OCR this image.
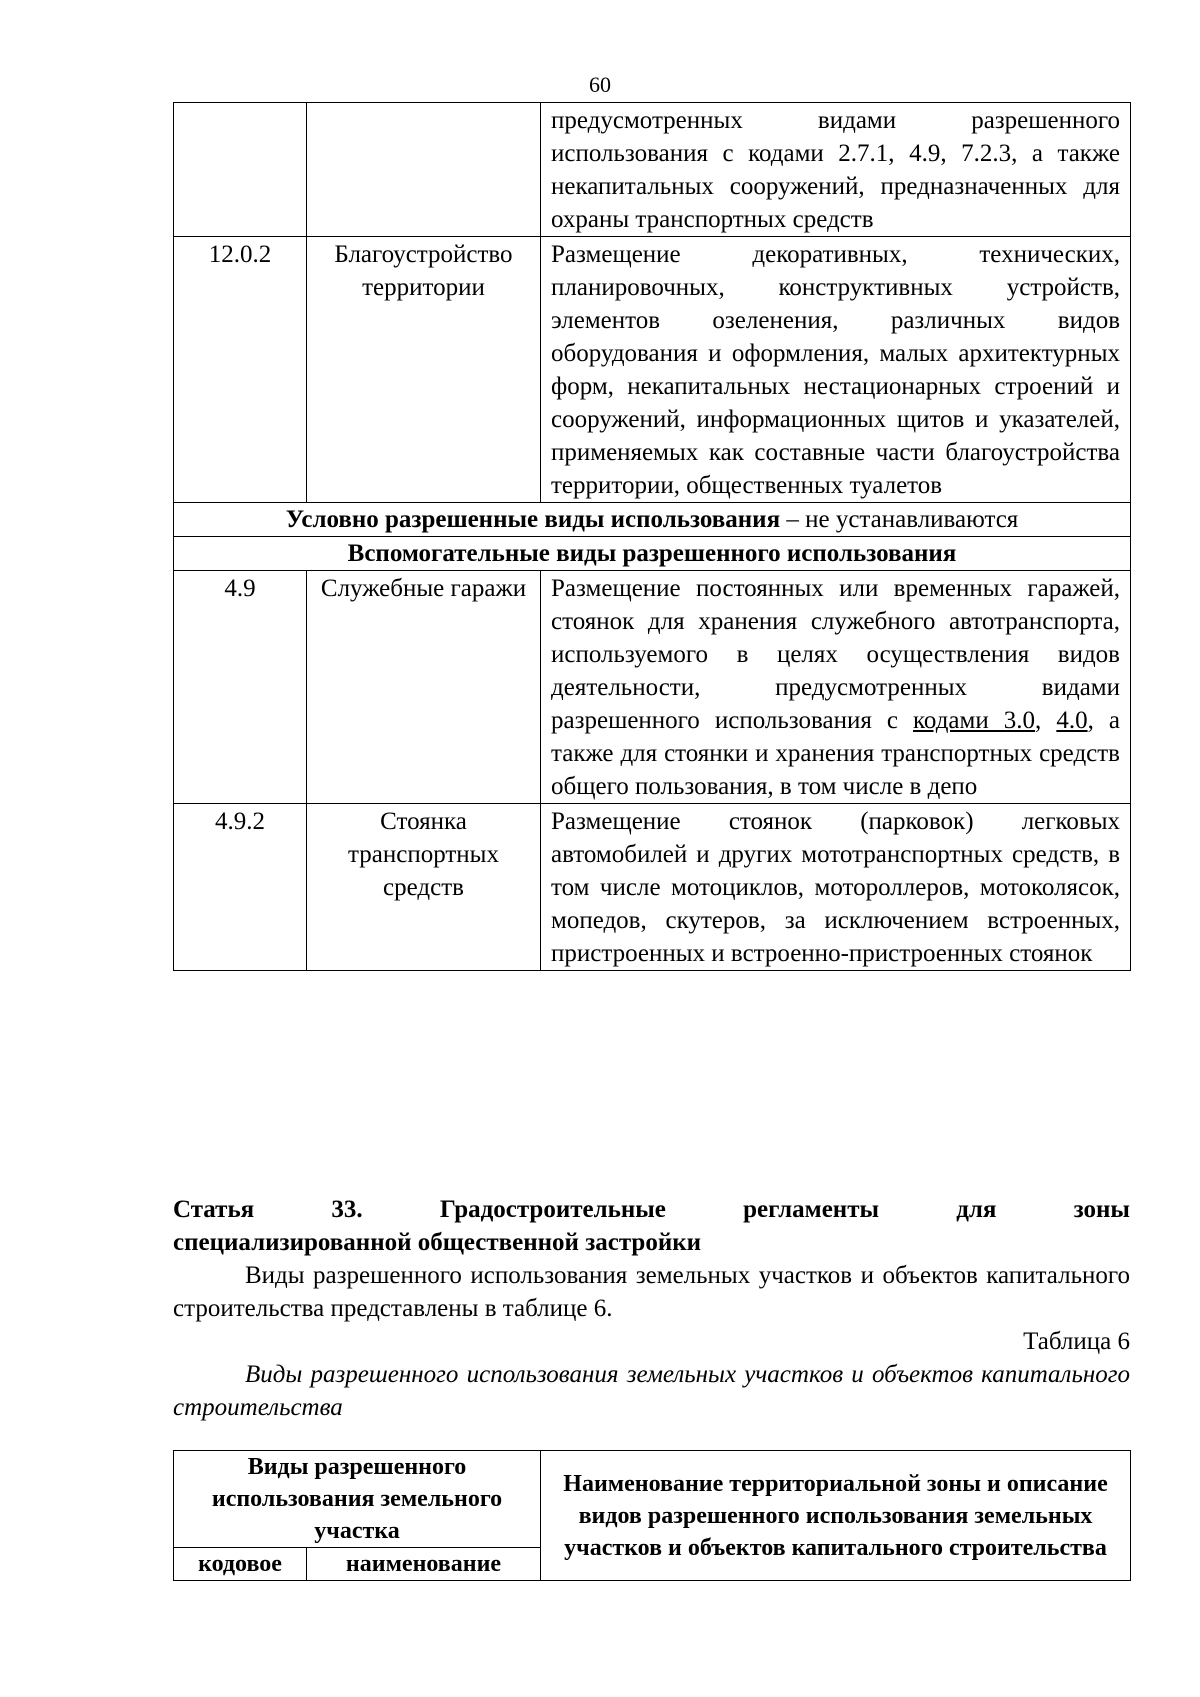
60
		предусмотренных видами разрешенного использования с кодами 2.7.1, 4.9, 7.2.3, а также некапитальных сооружений, предназначенных для охраны транспортных средств
12.0.2	Благоустройство территории	Размещение декоративных, технических, планировочных, конструктивных устройств, элементов озеленения, различных видов оборудования и оформления, малых архитектурных форм, некапитальных нестационарных строений и сооружений, информационных щитов и указателей, применяемых как составные части благоустройства территории, общественных туалетов
Условно разрешенные виды использования – не устанавливаются		
Вспомогательные виды разрешенного использования		
4.9	Служебные гаражи	Размещение постоянных или временных гаражей, стоянок для хранения служебного автотранспорта, используемого в целях осуществления видов деятельности, предусмотренных видами разрешенного использования с кодами 3.0, 4.0, а также для стоянки и хранения транспортных средств общего пользования, в том числе в депо
4.9.2	Стоянка транспортных средств	Размещение стоянок (парковок) легковых автомобилей и других мототранспортных средств, в том числе мотоциклов, мотороллеров, мотоколясок, мопедов, скутеров, за исключением встроенных, пристроенных и встроенно-пристроенных стоянок
Статья	33.	Градостроительные	регламенты	для	зоны
специализированной общественной застройки
Виды разрешенного использования земельных участков и объектов капитального строительства представлены в таблице 6.
Таблица 6
Виды разрешенного использования земельных участков и объектов капитального строительства
Виды разрешенного использования земельного участка		Наименование территориальной зоны и описание видов разрешенного использования земельных участков и объектов капитального строительства
кодовое	наименование	
